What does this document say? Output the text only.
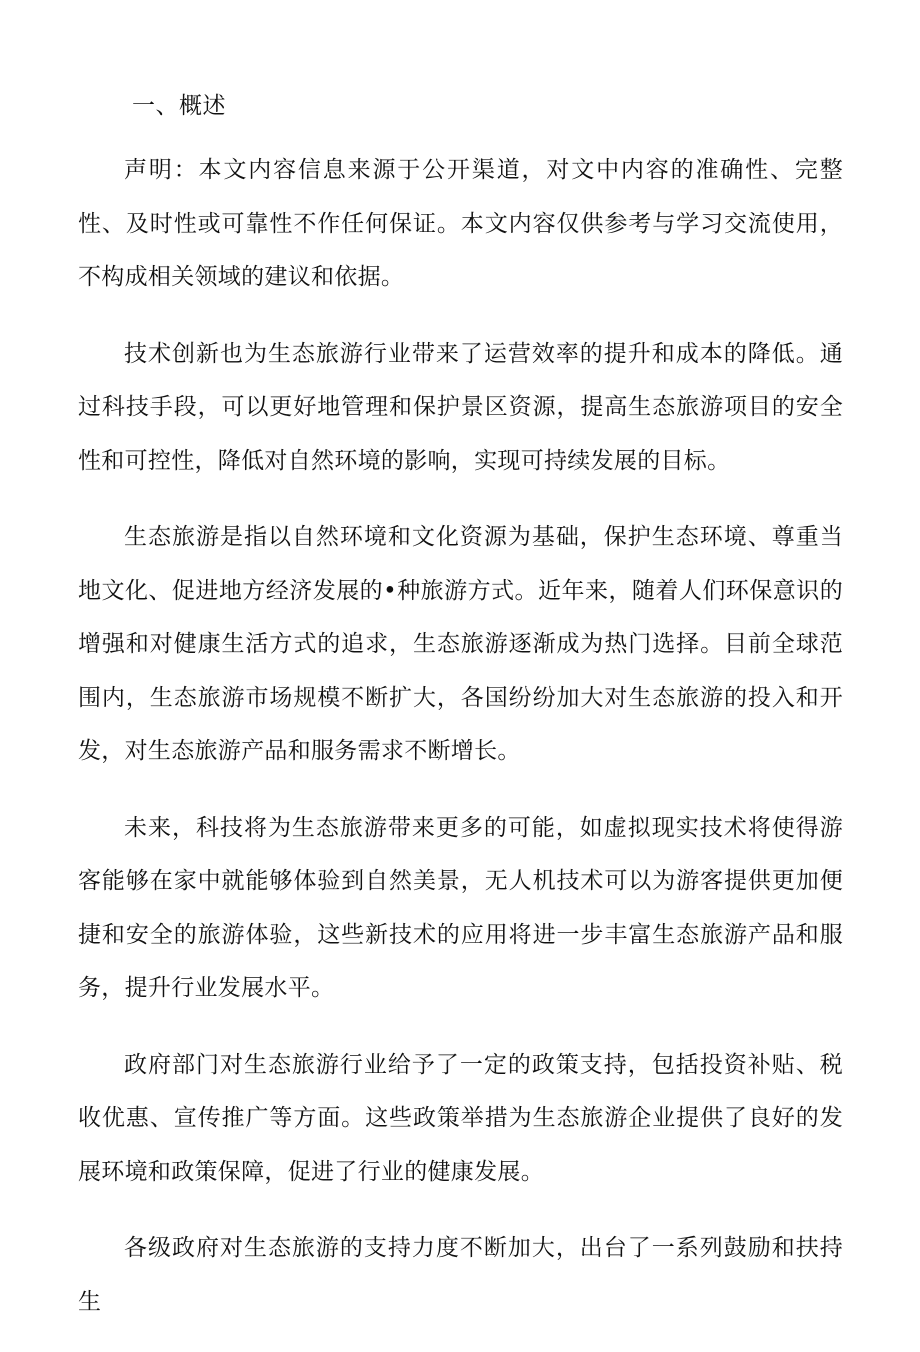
一、概述

声明：本文内容信息来源于公开渠道，对文中内容的准确性、完整性、及时性或可靠性不作任何保证。本文内容仅供参考与学习交流使用，不构成相关领域的建议和依据。

技术创新也为生态旅游行业带来了运营效率的提升和成本的降低。通过科技手段，可以更好地管理和保护景区资源，提高生态旅游项目的安全性和可控性，降低对自然环境的影响，实现可持续发展的目标。

生态旅游是指以自然环境和文化资源为基础，保护生态环境、尊重当地文化、促进地方经济发展的•种旅游方式。近年来，随着人们环保意识的增强和对健康生活方式的追求，生态旅游逐渐成为热门选择。目前全球范围内，生态旅游市场规模不断扩大，各国纷纷加大对生态旅游的投入和开发，对生态旅游产品和服务需求不断增长。

未来，科技将为生态旅游带来更多的可能，如虚拟现实技术将使得游客能够在家中就能够体验到自然美景，无人机技术可以为游客提供更加便捷和安全的旅游体验，这些新技术的应用将进一步丰富生态旅游产品和服务，提升行业发展水平。

政府部门对生态旅游行业给予了一定的政策支持，包括投资补贴、税收优惠、宣传推广等方面。这些政策举措为生态旅游企业提供了良好的发展环境和政策保障，促进了行业的健康发展。

各级政府对生态旅游的支持力度不断加大，出台了一系列鼓励和扶持生
